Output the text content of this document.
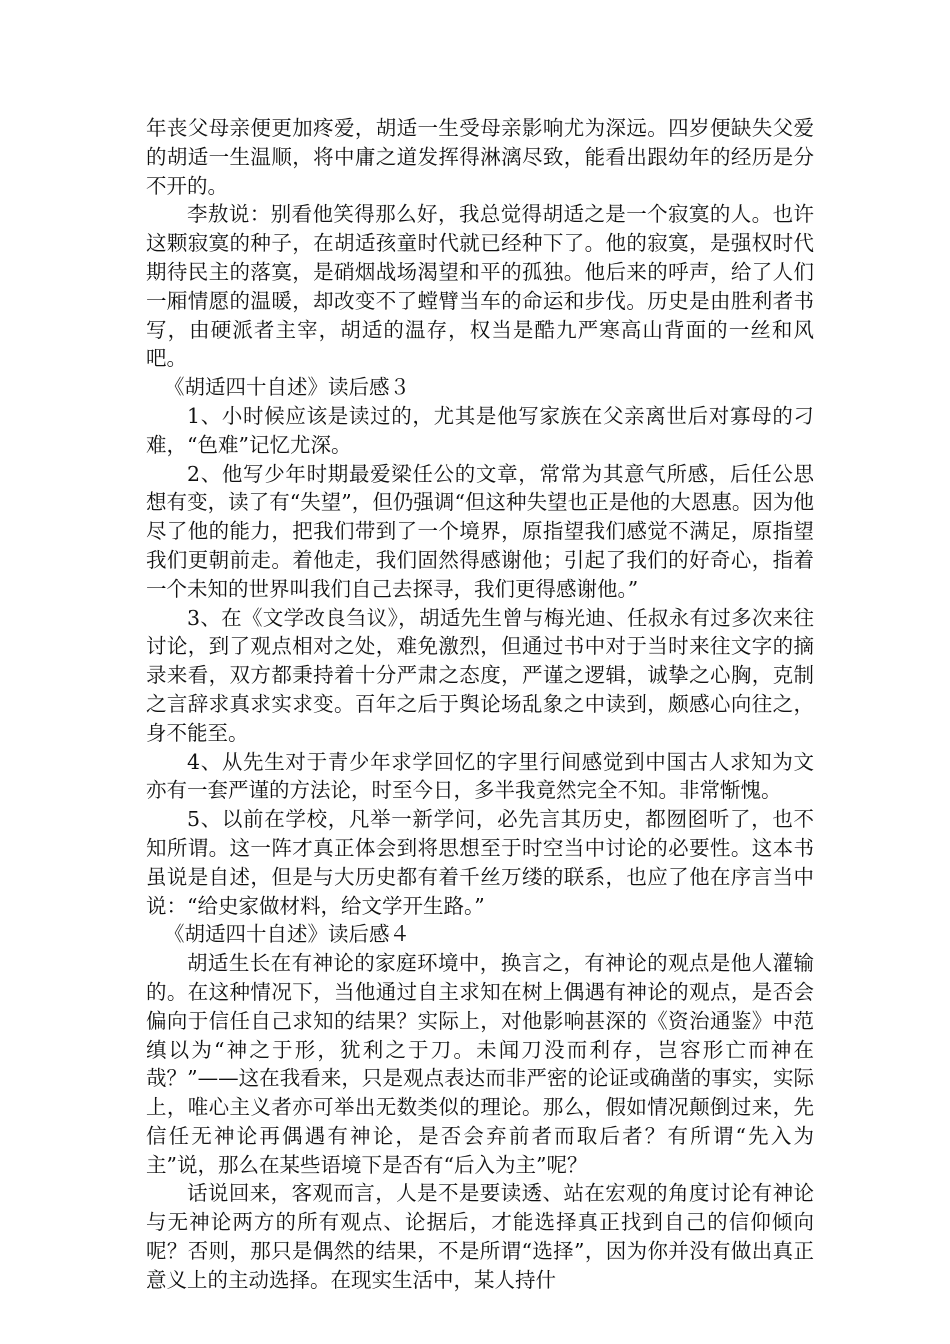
年丧父母亲便更加疼爱，胡适一生受母亲影响尤为深远。四岁便缺失父爱的胡适一生温顺，将中庸之道发挥得淋漓尽致，能看出跟幼年的经历是分不开的。

李敖说：别看他笑得那么好，我总觉得胡适之是一个寂寞的人。也许这颗寂寞的种子，在胡适孩童时代就已经种下了。他的寂寞，是强权时代期待民主的落寞，是硝烟战场渴望和平的孤独。他后来的呼声，给了人们一厢情愿的温暖，却改变不了螳臂当车的命运和步伐。历史是由胜利者书写，由硬派者主宰，胡适的温存，权当是酷九严寒高山背面的一丝和风吧。

《胡适四十自述》读后感３

1、小时候应该是读过的，尤其是他写家族在父亲离世后对寡母的刁难，“色难”记忆尤深。

2、他写少年时期最爱梁任公的文章，常常为其意气所感，后任公思想有变，读了有“失望”，但仍强调“但这种失望也正是他的大恩惠。因为他尽了他的能力，把我们带到了一个境界，原指望我们感觉不满足，原指望我们更朝前走。着他走，我们固然得感谢他；引起了我们的好奇心，指着一个未知的世界叫我们自己去探寻，我们更得感谢他。”

3、在《文学改良刍议》，胡适先生曾与梅光迪、任叔永有过多次来往讨论，到了观点相对之处，难免激烈，但通过书中对于当时来往文字的摘录来看，双方都秉持着十分严肃之态度，严谨之逻辑，诚挚之心胸，克制之言辞求真求实求变。百年之后于舆论场乱象之中读到，颇感心向往之，身不能至。

4、从先生对于青少年求学回忆的字里行间感觉到中国古人求知为文亦有一套严谨的方法论，时至今日，多半我竟然完全不知。非常惭愧。

5、以前在学校，凡举一新学问，必先言其历史，都囫囵听了，也不知所谓。这一阵才真正体会到将思想至于时空当中讨论的必要性。这本书虽说是自述，但是与大历史都有着千丝万缕的联系，也应了他在序言当中说：“给史家做材料，给文学开生路。”

《胡适四十自述》读后感４

胡适生长在有神论的家庭环境中，换言之，有神论的观点是他人灌输的。在这种情况下，当他通过自主求知在树上偶遇有神论的观点，是否会偏向于信任自己求知的结果？实际上，对他影响甚深的《资治通鉴》中范缜以为“神之于形，犹利之于刀。未闻刀没而利存，岂容形亡而神在哉？”——这在我看来，只是观点表达而非严密的论证或确凿的事实，实际上，唯心主义者亦可举出无数类似的理论。那么，假如情况颠倒过来，先信任无神论再偶遇有神论，是否会弃前者而取后者？有所谓“先入为主”说，那么在某些语境下是否有“后入为主”呢？

话说回来，客观而言，人是不是要读透、站在宏观的角度讨论有神论与无神论两方的所有观点、论据后，才能选择真正找到自己的信仰倾向呢？否则，那只是偶然的结果，不是所谓“选择”，因为你并没有做出真正意义上的主动选择。在现实生活中，某人持什
